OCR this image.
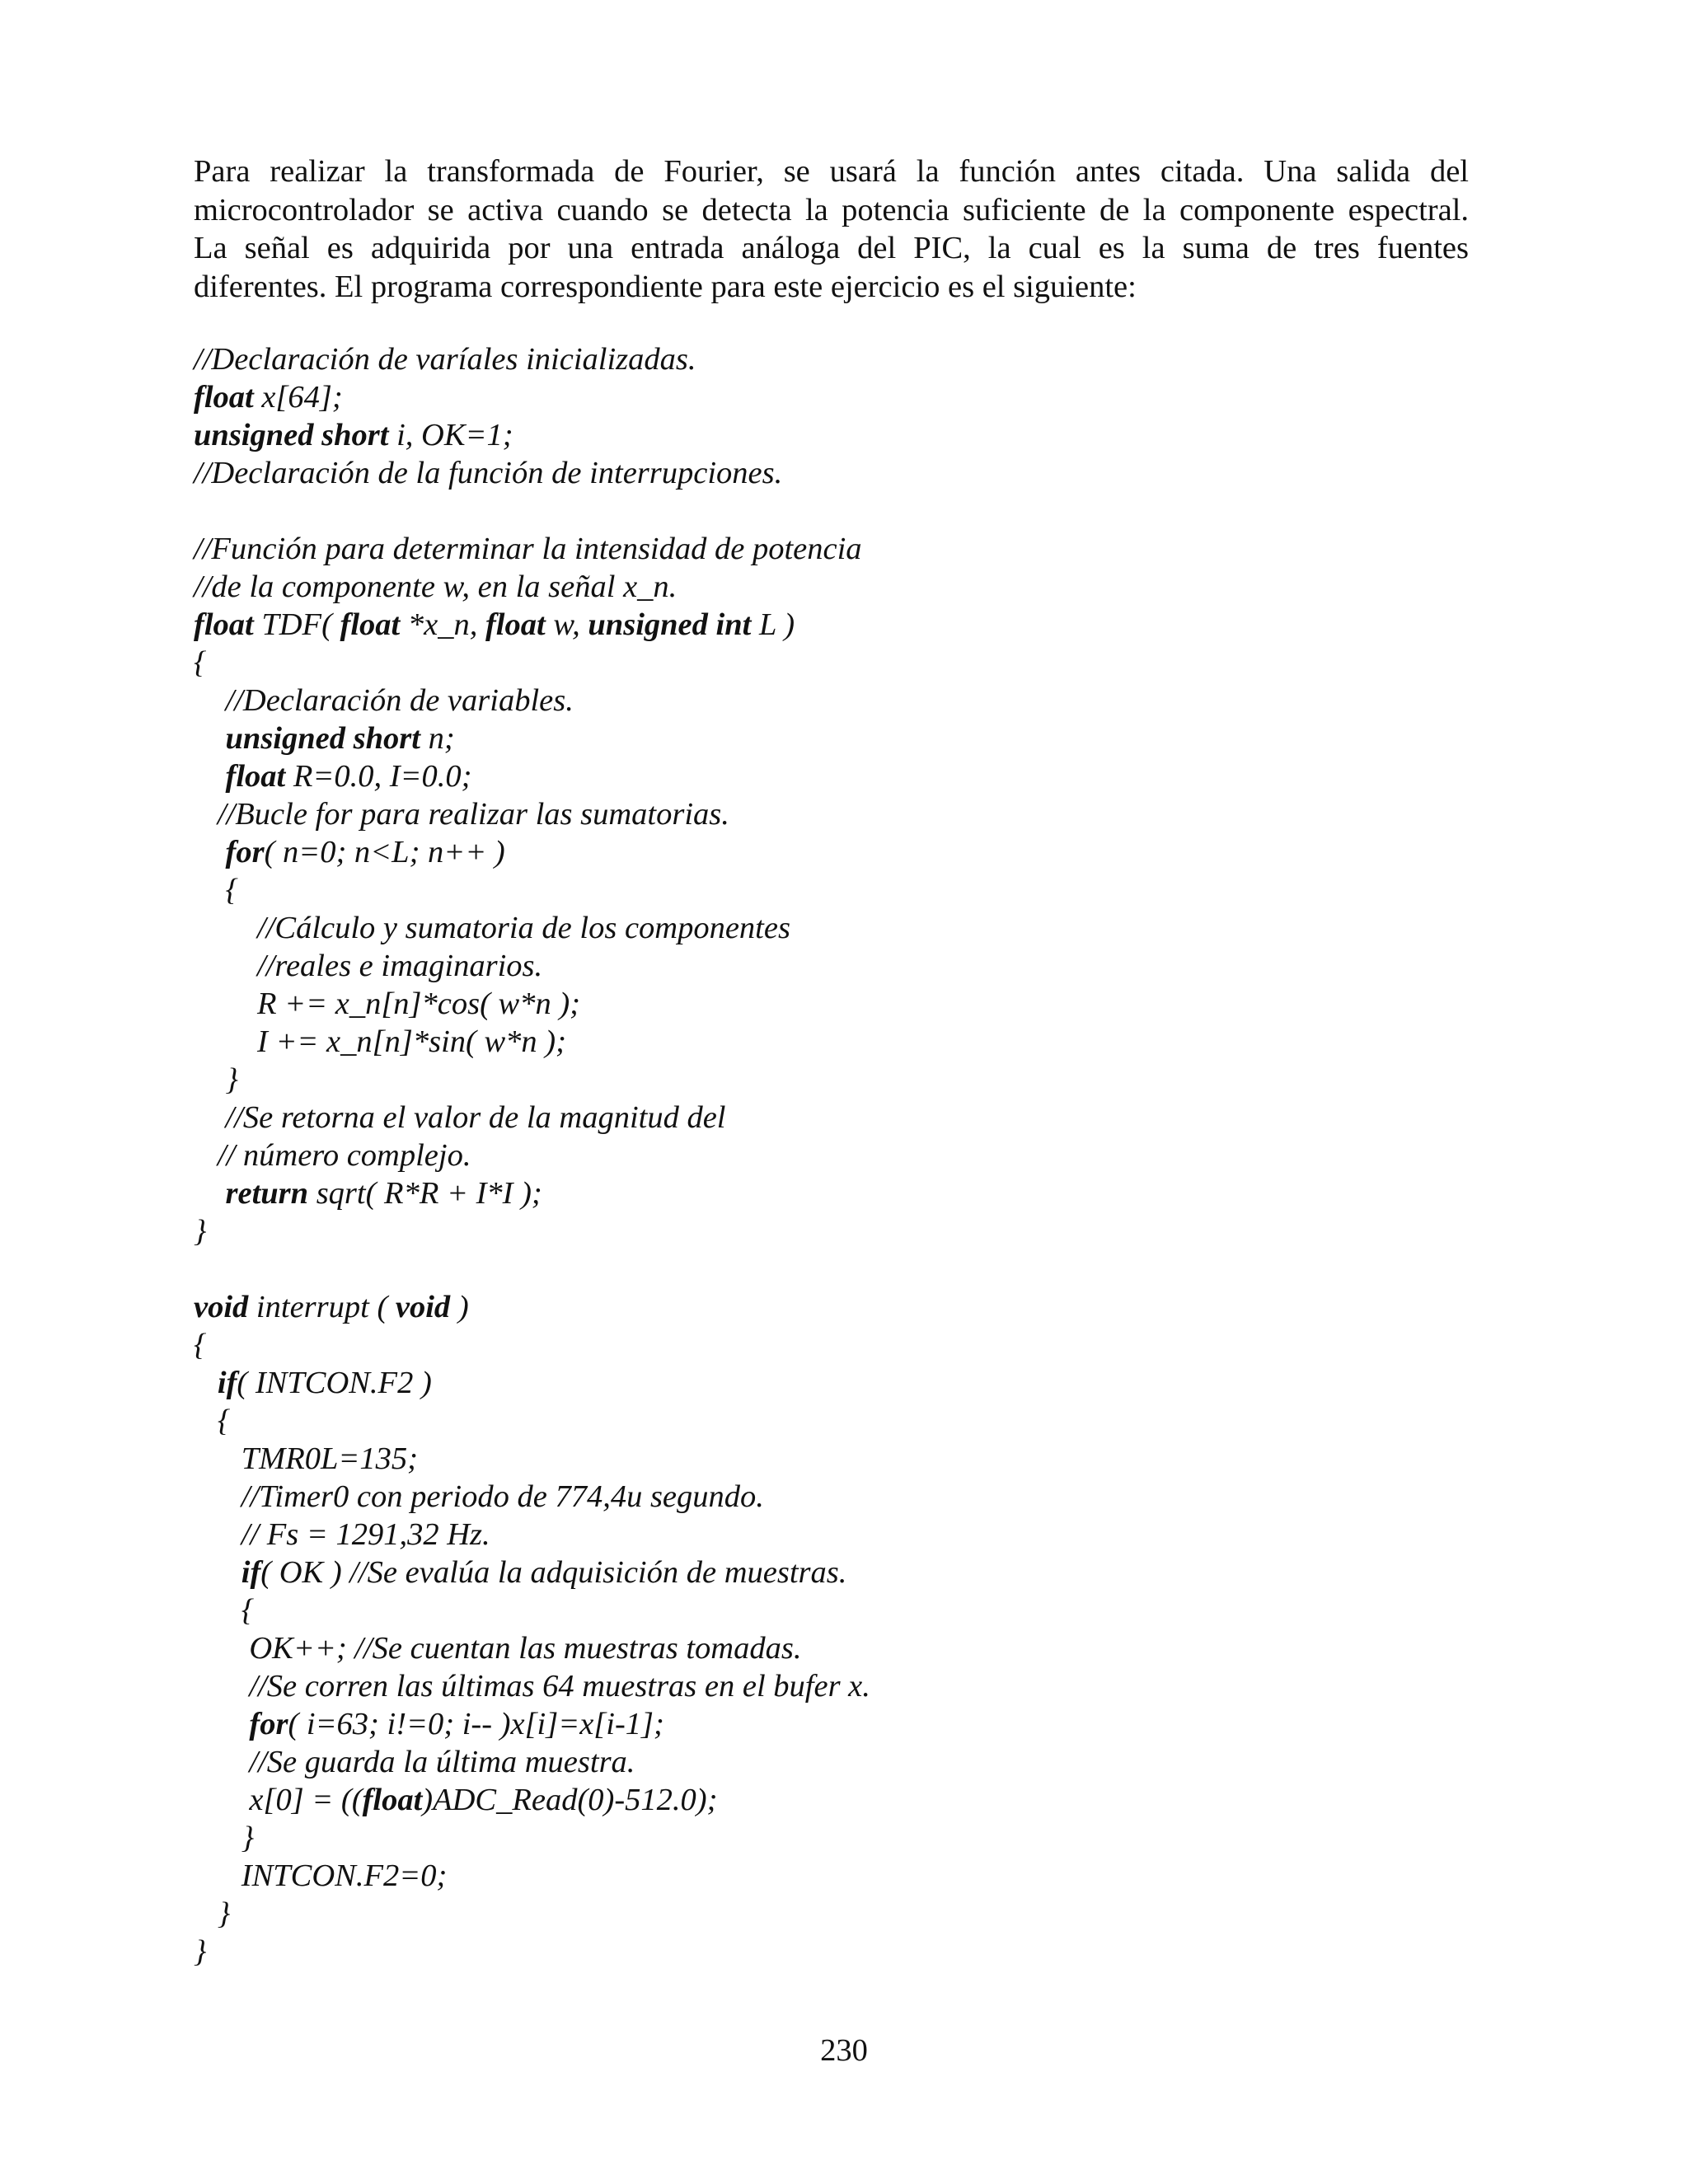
Para realizar la transformada de Fourier, se usará la función antes citada. Una salida del
microcontrolador se activa cuando se detecta la potencia suficiente de la componente espectral.
La señal es adquirida por una entrada análoga del PIC, la cual es la suma de tres fuentes
diferentes. El programa correspondiente para este ejercicio es el siguiente:
//Declaración de varíales inicializadas.
float x[64];
unsigned short i, OK=1;
//Declaración de la función de interrupciones.
//Función para determinar la intensidad de potencia
//de la componente w, en la señal x_n.
float TDF( float *x_n, float w, unsigned int L )
{
//Declaración de variables.
unsigned short n;
float R=0.0, I=0.0;
//Bucle for para realizar las sumatorias.
for( n=0; n<L; n++ )
{
//Cálculo y sumatoria de los componentes
//reales e imaginarios.
R += x_n[n]*cos( w*n );
I += x_n[n]*sin( w*n );
}
//Se retorna el valor de la magnitud del
// número complejo.
return sqrt( R*R + I*I );
}
void interrupt ( void )
{
if( INTCON.F2 )
{
TMR0L=135;
//Timer0 con periodo de 774,4u segundo.
// Fs = 1291,32 Hz.
if( OK ) //Se evalúa la adquisición de muestras.
{
OK++; //Se cuentan las muestras tomadas.
//Se corren las últimas 64 muestras en el bufer x.
for( i=63; i!=0; i-- )x[i]=x[i-1];
//Se guarda la última muestra.
x[0] = ((float)ADC_Read(0)-512.0);
}
INTCON.F2=0;
}
}
230
